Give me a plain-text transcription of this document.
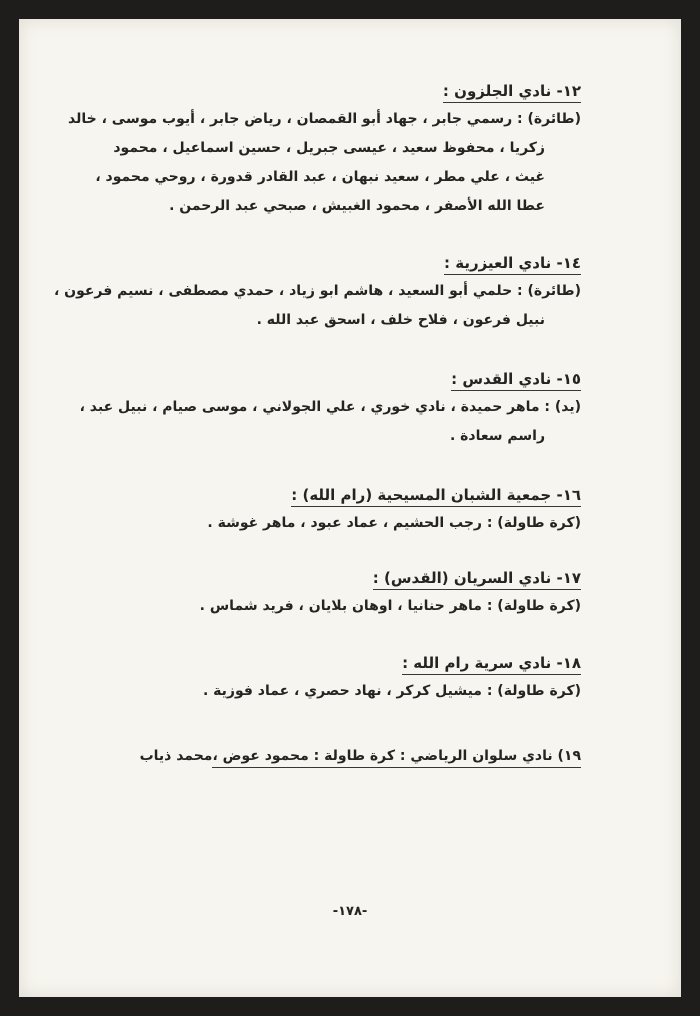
١٢- نادي الجلزون :
(طائرة) : رسمي جابر ، جهاد أبو القمصان ، رياض جابر ، أيوب موسى ، خالد
زكريا ، محفوظ سعيد ، عيسى جبريل ، حسين اسماعيل ، محمود
غيث ، علي مطر ، سعيد نبهان ، عبد القادر قدورة ، روحي محمود ،
عطا الله الأصفر ، محمود الغبيش ، صبحي عبد الرحمن .
١٤- نادي العيزرية :
(طائرة) : حلمي أبو السعيد ، هاشم ابو زياد ، حمدي مصطفى ، نسيم فرعون ،
نبيل فرعون ، فلاح خلف ، اسحق عبد الله .
١٥- نادي القدس :
(يد) : ماهر حميدة ، نادي خوري ، علي الجولاني ، موسى صيام ، نبيل عبد ،
راسم سعادة .
١٦- جمعية الشبان المسيحية (رام الله) :
(كرة طاولة) : رجب الحشيم ، عماد عبود ، ماهر غوشة .
١٧- نادي السريان (القدس) :
(كرة طاولة) : ماهر حنانيا ، اوهان بلايان ، فريد شماس .
١٨- نادي سرية رام الله :
(كرة طاولة) : ميشيل كركر ، نهاد حصري ، عماد فوزية .
١٩) نادي سلوان الرياضي : كرة طاولة : محمود عوض ،محمد ذياب
-١٧٨-
